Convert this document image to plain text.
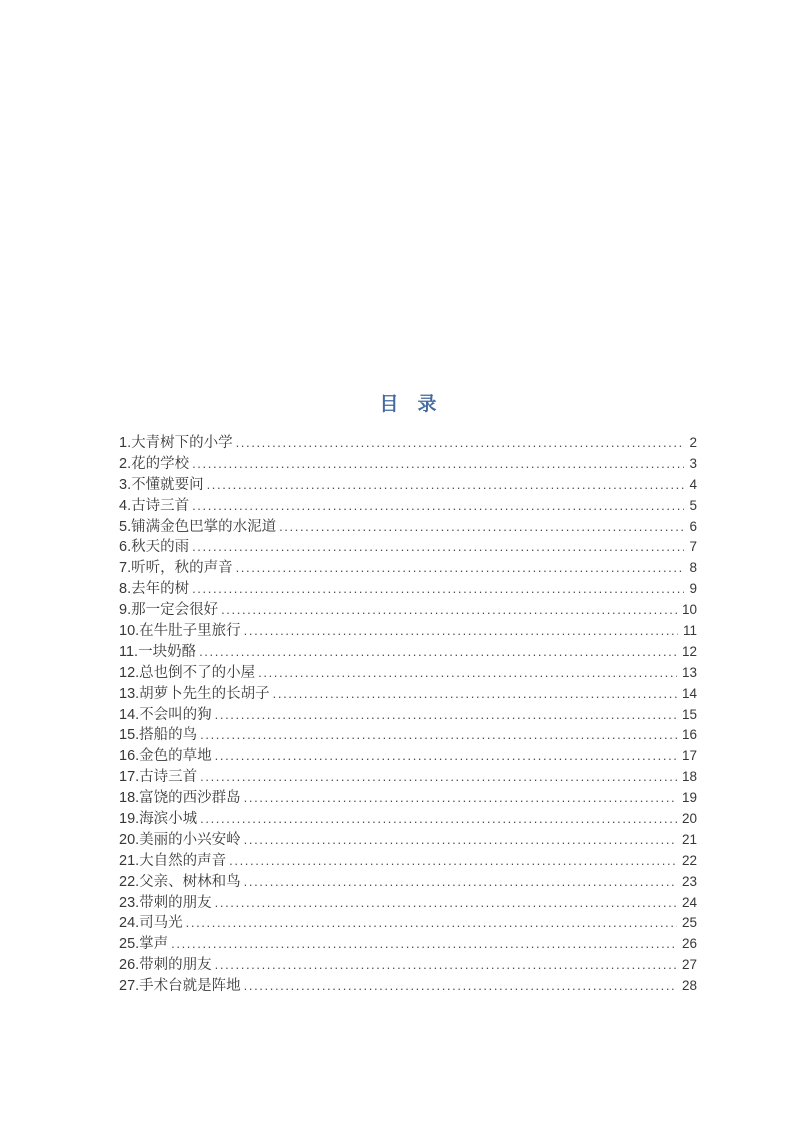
目　录
1.大青树下的小学 .....	2
2.花的学校 .....	3
3.不懂就要问 .....	4
4.古诗三首 .....	5
5.铺满金色巴掌的水泥道 .....	6
6.秋天的雨 .....	7
7.听听，秋的声音 .....	8
8.去年的树 .....	9
9.那一定会很好 .....	10
10.在牛肚子里旅行 .....	11
11.一块奶酪 .....	12
12.总也倒不了的小屋 .....	13
13.胡萝卜先生的长胡子 .....	14
14.不会叫的狗 .....	15
15.搭船的鸟 .....	16
16.金色的草地 .....	17
17.古诗三首 .....	18
18.富饶的西沙群岛 .....	19
19.海滨小城 .....	20
20.美丽的小兴安岭 .....	21
21.大自然的声音 .....	22
22.父亲、树林和鸟 .....	23
23.带刺的朋友 .....	24
24.司马光 .....	25
25.掌声 .....	26
26.带刺的朋友 .....	27
27.手术台就是阵地 .....	28
